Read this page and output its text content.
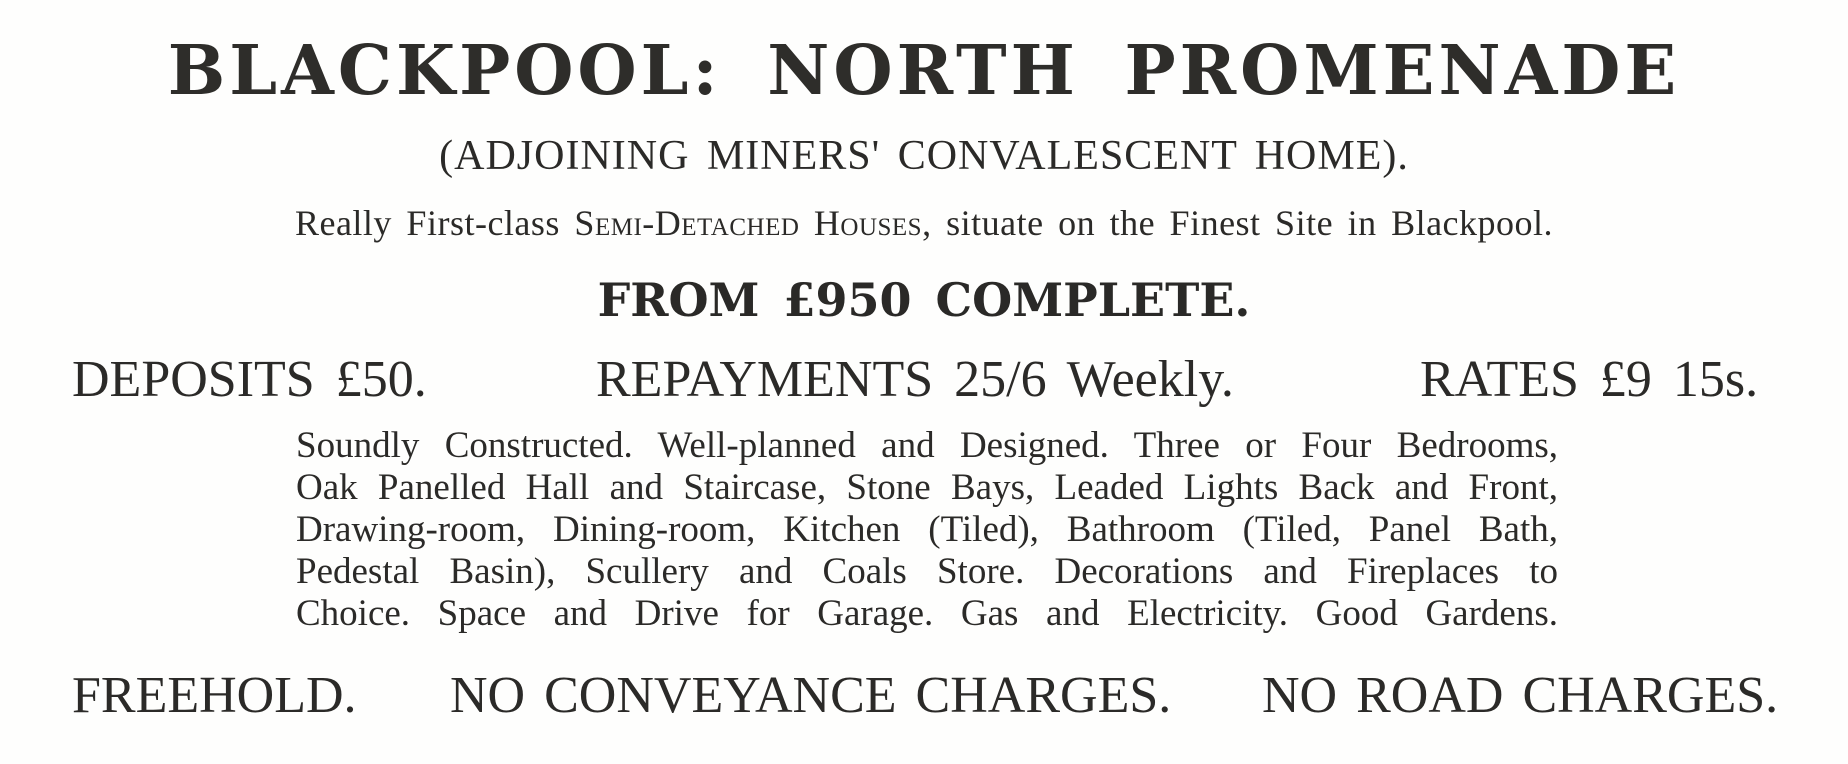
BLACKPOOL: NORTH PROMENADE
(ADJOINING MINERS' CONVALESCENT HOME).
Really First-class Semi-Detached Houses, situate on the Finest Site in Blackpool.
FROM £950 COMPLETE.
DEPOSITS £50.	REPAYMENTS 25/6 Weekly.	RATES £9 15s.
Soundly Constructed. Well-planned and Designed. Three or Four Bedrooms,
Oak Panelled Hall and Staircase, Stone Bays, Leaded Lights Back and Front,
Drawing-room, Dining-room, Kitchen (Tiled), Bathroom (Tiled, Panel Bath,
Pedestal Basin), Scullery and Coals Store. Decorations and Fireplaces to
Choice. Space and Drive for Garage. Gas and Electricity. Good Gardens.
FREEHOLD. NO CONVEYANCE CHARGES. NO ROAD CHARGES.
